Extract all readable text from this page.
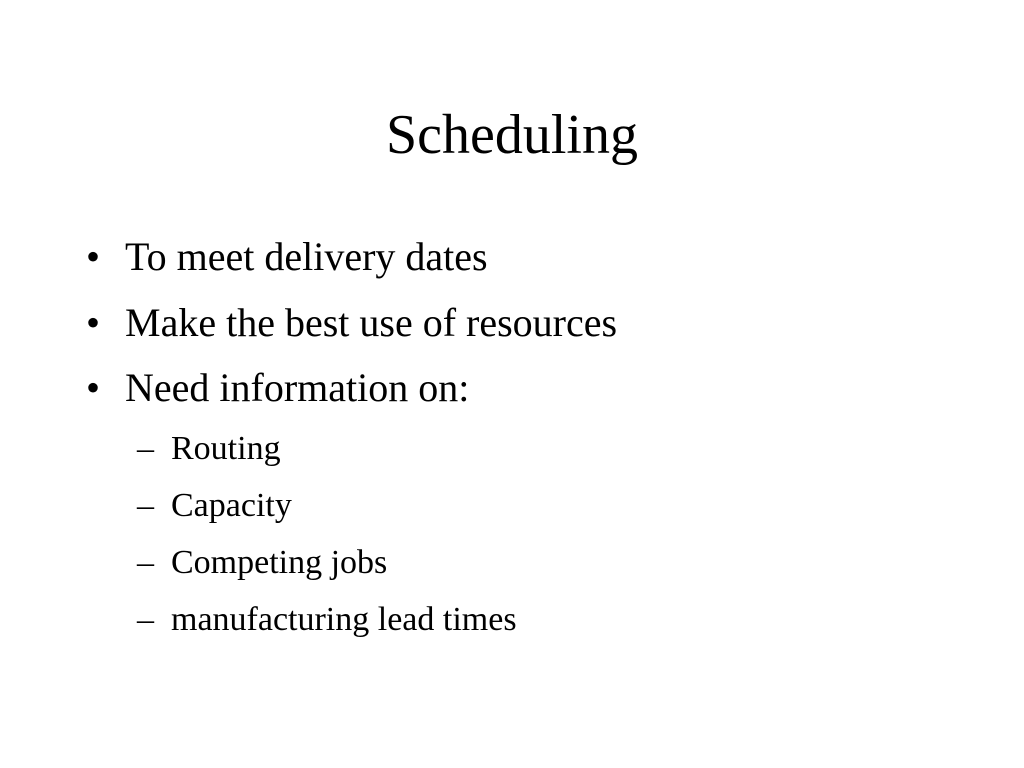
Scheduling
• To meet delivery dates
• Make the best use of resources
• Need information on:
– Routing
– Capacity
– Competing jobs
– manufacturing lead times
